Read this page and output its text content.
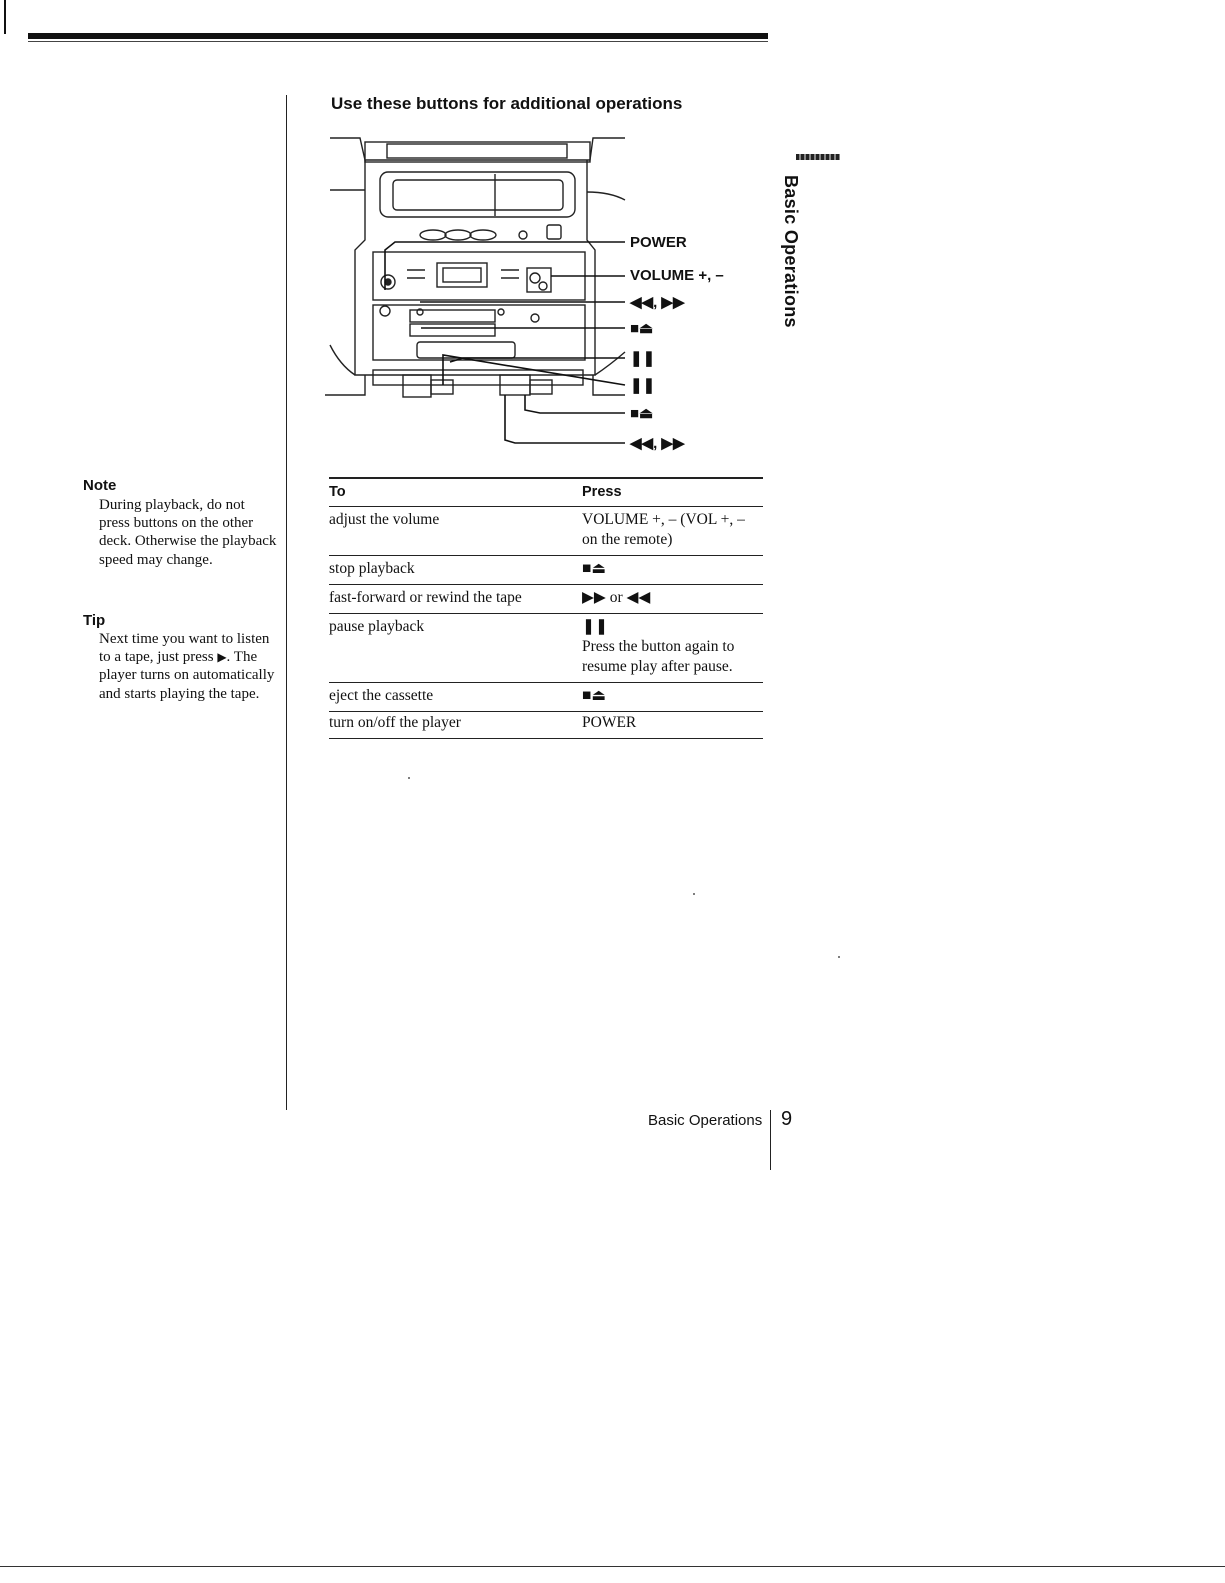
Use these buttons for additional operations
Basic Operations
Note
During playback, do not press buttons on the other deck. Otherwise the playback speed may change.
Tip
Next time you want to listen to a tape, just press ▶. The player turns on automatically and starts playing the tape.
POWER
VOLUME +, –
◀◀, ▶▶
■⏏
❚❚
❚❚
■⏏
◀◀, ▶▶
To	Press
adjust the volume	VOLUME +, – (VOL +, – on the remote)
stop playback	■⏏
fast-forward or rewind the tape	▶▶ or ◀◀
pause playback	❚❚
Press the button again to resume play after pause.
eject the cassette	■⏏
turn on/off the player	POWER
Basic Operations 9
